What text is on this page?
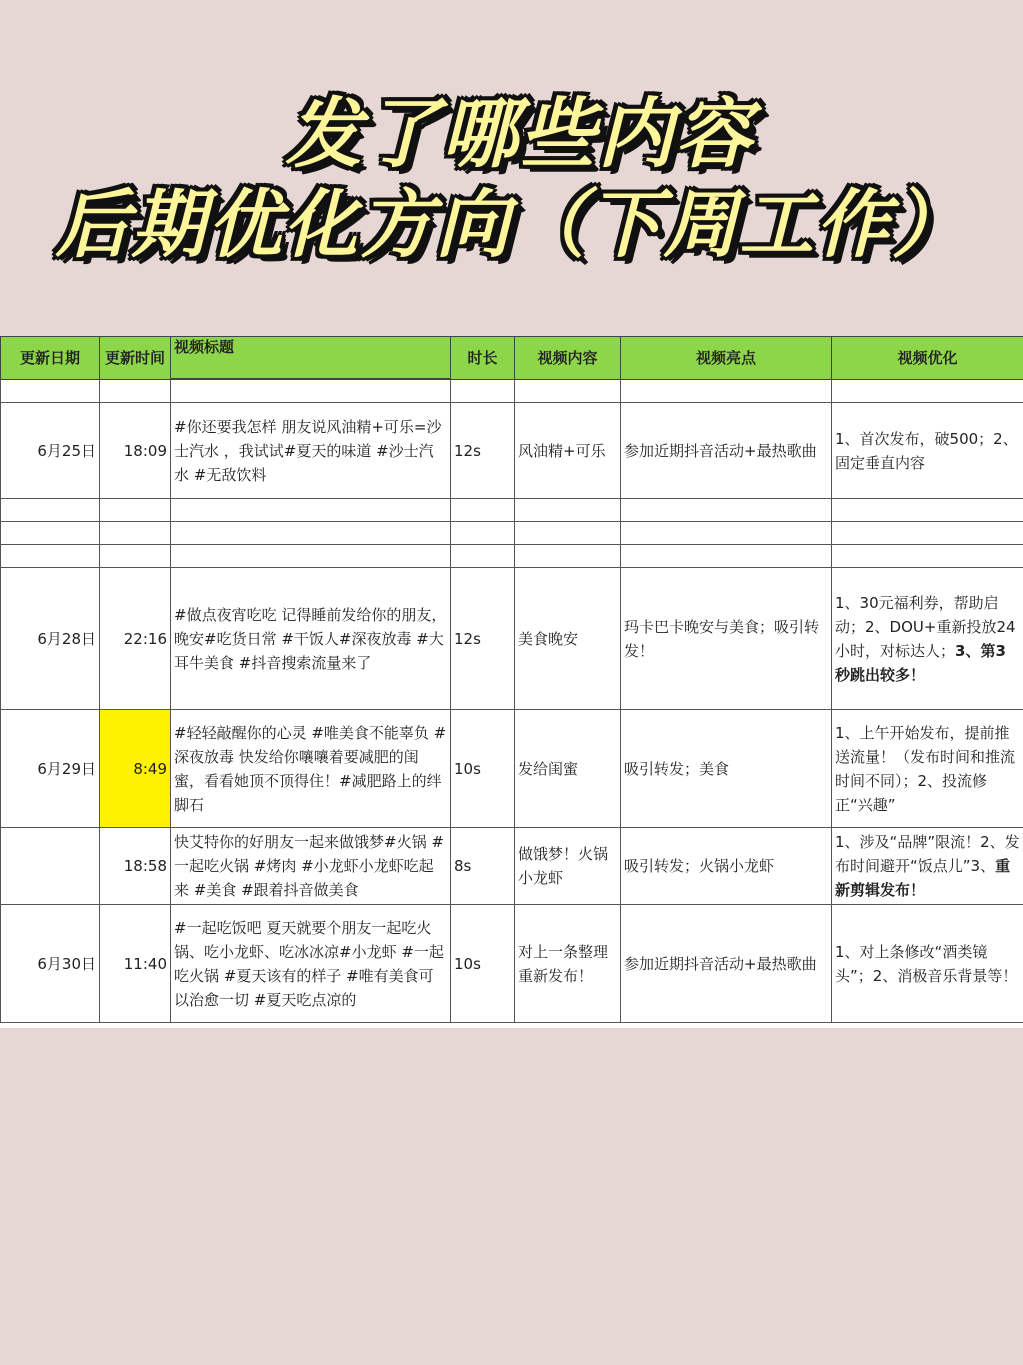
发了哪些内容
后期优化方向（下周工作）
更新日期	更新时间	视频标题	时长	视频内容	视频亮点	视频优化

6月25日	18:09	#你还要我怎样 朋友说风油精+可乐=沙士汽水 ，我试试#夏天的味道 #沙士汽水 #无敌饮料	12s	风油精+可乐	参加近期抖音活动+最热歌曲	1、首次发布，破500；2、固定垂直内容

6月28日	22:16	#做点夜宵吃吃 记得睡前发给你的朋友，晚安#吃货日常 #干饭人#深夜放毒 #大耳牛美食 #抖音搜索流量来了	12s	美食晚安	玛卡巴卡晚安与美食；吸引转发！	1、30元福利券，帮助启动；2、DOU+重新投放24小时，对标达人；3、第3秒跳出较多！
6月29日	8:49	#轻轻敲醒你的心灵 #唯美食不能辜负 #深夜放毒 快发给你嚷嚷着要减肥的闺蜜，看看她顶不顶得住！#减肥路上的绊脚石	10s	发给闺蜜	吸引转发；美食	1、上午开始发布，提前推送流量！（发布时间和推流时间不同）；2、投流修正“兴趣”
	18:58	快艾特你的好朋友一起来做饿梦#火锅 #一起吃火锅 #烤肉 #小龙虾小龙虾吃起来 #美食 #跟着抖音做美食	8s	做饿梦！火锅小龙虾	吸引转发；火锅小龙虾	1、涉及“品牌”限流！2、发布时间避开“饭点儿”3、重新剪辑发布！
6月30日	11:40	#一起吃饭吧 夏天就要个朋友一起吃火锅、吃小龙虾、吃冰冰凉#小龙虾 #一起吃火锅 #夏天该有的样子 #唯有美食可以治愈一切 #夏天吃点凉的	10s	对上一条整理重新发布！	参加近期抖音活动+最热歌曲	1、对上条修改“酒类镜头”；2、消极音乐背景等！
